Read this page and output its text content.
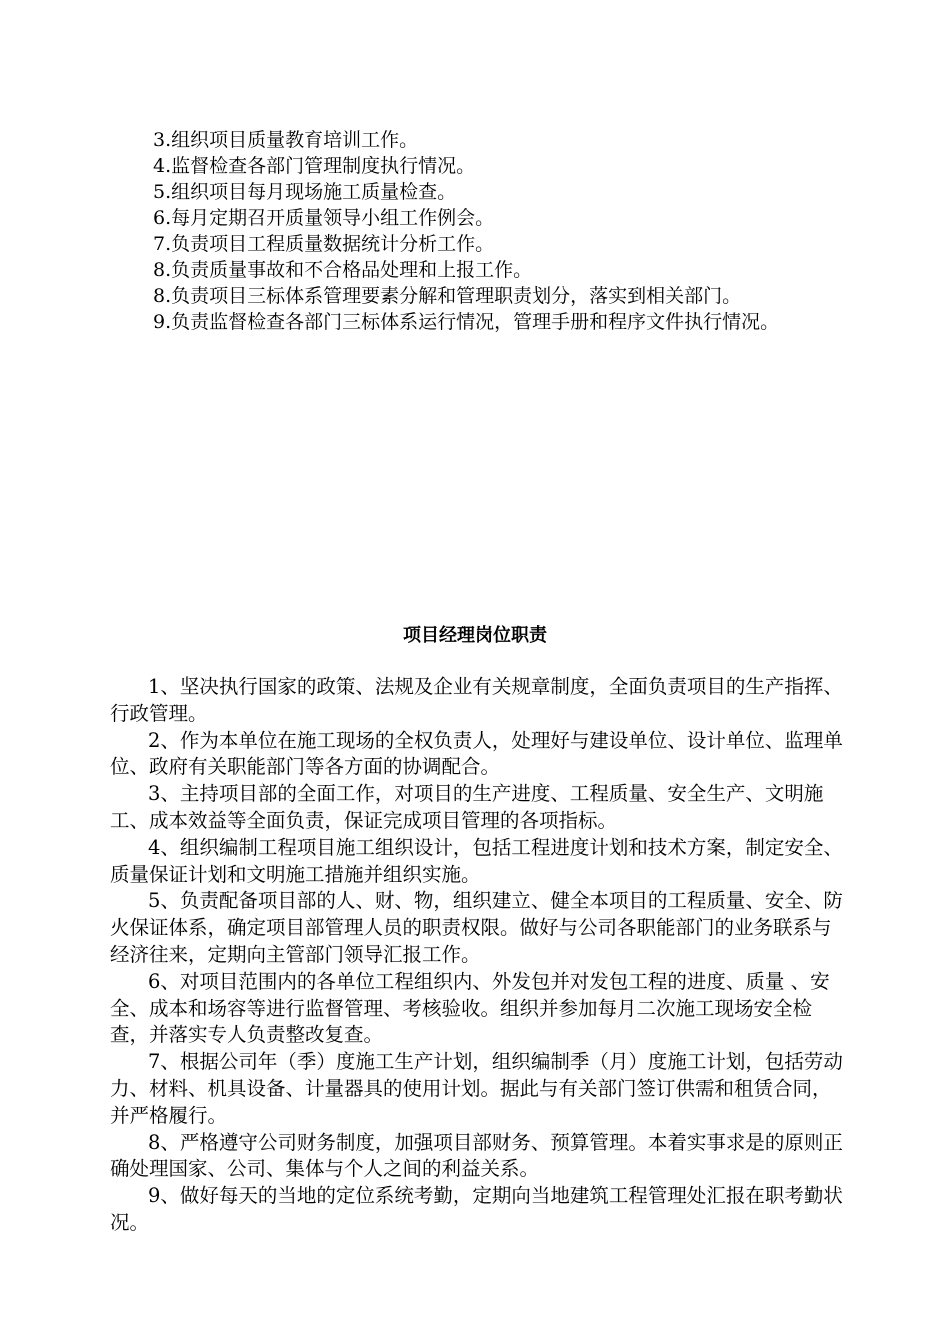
3.组织项目质量教育培训工作。

4.监督检查各部门管理制度执行情况。

5.组织项目每月现场施工质量检查。

6.每月定期召开质量领导小组工作例会。

7.负责项目工程质量数据统计分析工作。

8.负责质量事故和不合格品处理和上报工作。

8.负责项目三标体系管理要素分解和管理职责划分，落实到相关部门。

9.负责监督检查各部门三标体系运行情况，管理手册和程序文件执行情况。

项目经理岗位职责

1、坚决执行国家的政策、法规及企业有关规章制度，全面负责项目的生产指挥、行政管理。

2、作为本单位在施工现场的全权负责人，处理好与建设单位、设计单位、监理单位、政府有关职能部门等各方面的协调配合。

3、主持项目部的全面工作，对项目的生产进度、工程质量、安全生产、文明施工、成本效益等全面负责，保证完成项目管理的各项指标。

4、组织编制工程项目施工组织设计，包括工程进度计划和技术方案，制定安全、质量保证计划和文明施工措施并组织实施。

5、负责配备项目部的人、财、物，组织建立、健全本项目的工程质量、安全、防火保证体系，确定项目部管理人员的职责权限。做好与公司各职能部门的业务联系与经济往来，定期向主管部门领导汇报工作。

6、对项目范围内的各单位工程组织内、外发包并对发包工程的进度、质量 、安全、成本和场容等进行监督管理、考核验收。组织并参加每月二次施工现场安全检查，并落实专人负责整改复查。

7、根据公司年（季）度施工生产计划，组织编制季（月）度施工计划，包括劳动力、材料、机具设备、计量器具的使用计划。据此与有关部门签订供需和租赁合同，并严格履行。

8、严格遵守公司财务制度，加强项目部财务、预算管理。本着实事求是的原则正确处理国家、公司、集体与个人之间的利益关系。

9、做好每天的当地的定位系统考勤，定期向当地建筑工程管理处汇报在职考勤状况。
